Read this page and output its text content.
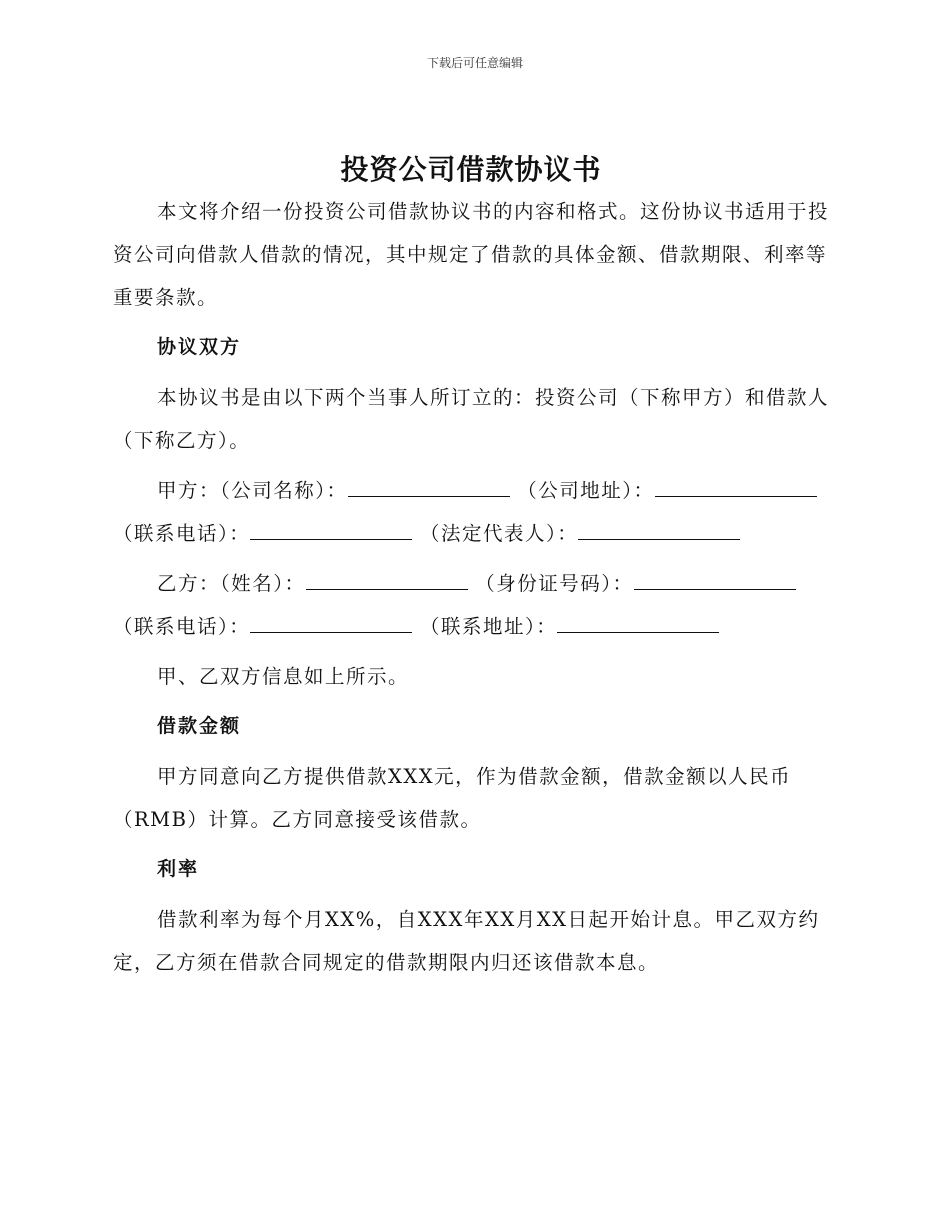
下载后可任意编辑
投资公司借款协议书

本文将介绍一份投资公司借款协议书的内容和格式。这份协议书适用于投资公司向借款人借款的情况，其中规定了借款的具体金额、借款期限、利率等重要条款。

协议双方

本协议书是由以下两个当事人所订立的：投资公司（下称甲方）和借款人（下称乙方）。

甲方：（公司名称）：	（公司地址）： （联系电话）：	（法定代表人）：

乙方：（姓名）：	（身份证号码）： （联系电话）：	（联系地址）：

甲、乙双方信息如上所示。

借款金额

甲方同意向乙方提供借款XXX元，作为借款金额，借款金额以人民币（RMB）计算。乙方同意接受该借款。

利率

借款利率为每个月XX%，自XXX年XX月XX日起开始计息。甲乙双方约定，乙方须在借款合同规定的借款期限内归还该借款本息。
